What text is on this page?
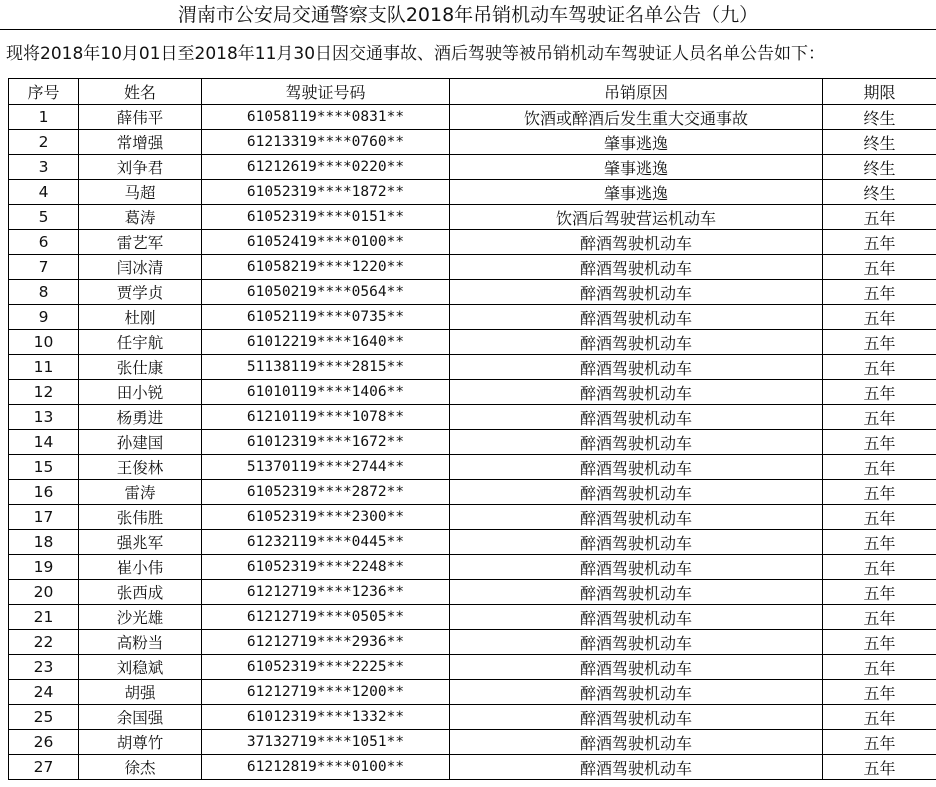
渭南市公安局交通警察支队2018年吊销机动车驾驶证名单公告（九）
现将2018年10月01日至2018年11月30日因交通事故、酒后驾驶等被吊销机动车驾驶证人员名单公告如下：
序号	姓名	驾驶证号码	吊销原因	期限
1	薛伟平	61058119****0831**	饮酒或醉酒后发生重大交通事故	终生
2	常增强	61213319****0760**	肇事逃逸	终生
3	刘争君	61212619****0220**	肇事逃逸	终生
4	马超	61052319****1872**	肇事逃逸	终生
5	葛涛	61052319****0151**	饮酒后驾驶营运机动车	五年
6	雷艺军	61052419****0100**	醉酒驾驶机动车	五年
7	闫冰清	61058219****1220**	醉酒驾驶机动车	五年
8	贾学贞	61050219****0564**	醉酒驾驶机动车	五年
9	杜刚	61052119****0735**	醉酒驾驶机动车	五年
10	任宇航	61012219****1640**	醉酒驾驶机动车	五年
11	张仕康	51138119****2815**	醉酒驾驶机动车	五年
12	田小锐	61010119****1406**	醉酒驾驶机动车	五年
13	杨勇进	61210119****1078**	醉酒驾驶机动车	五年
14	孙建国	61012319****1672**	醉酒驾驶机动车	五年
15	王俊林	51370119****2744**	醉酒驾驶机动车	五年
16	雷涛	61052319****2872**	醉酒驾驶机动车	五年
17	张伟胜	61052319****2300**	醉酒驾驶机动车	五年
18	强兆军	61232119****0445**	醉酒驾驶机动车	五年
19	崔小伟	61052319****2248**	醉酒驾驶机动车	五年
20	张西成	61212719****1236**	醉酒驾驶机动车	五年
21	沙光雄	61212719****0505**	醉酒驾驶机动车	五年
22	高粉当	61212719****2936**	醉酒驾驶机动车	五年
23	刘稳斌	61052319****2225**	醉酒驾驶机动车	五年
24	胡强	61212719****1200**	醉酒驾驶机动车	五年
25	余国强	61012319****1332**	醉酒驾驶机动车	五年
26	胡尊竹	37132719****1051**	醉酒驾驶机动车	五年
27	徐杰	61212819****0100**	醉酒驾驶机动车	五年
